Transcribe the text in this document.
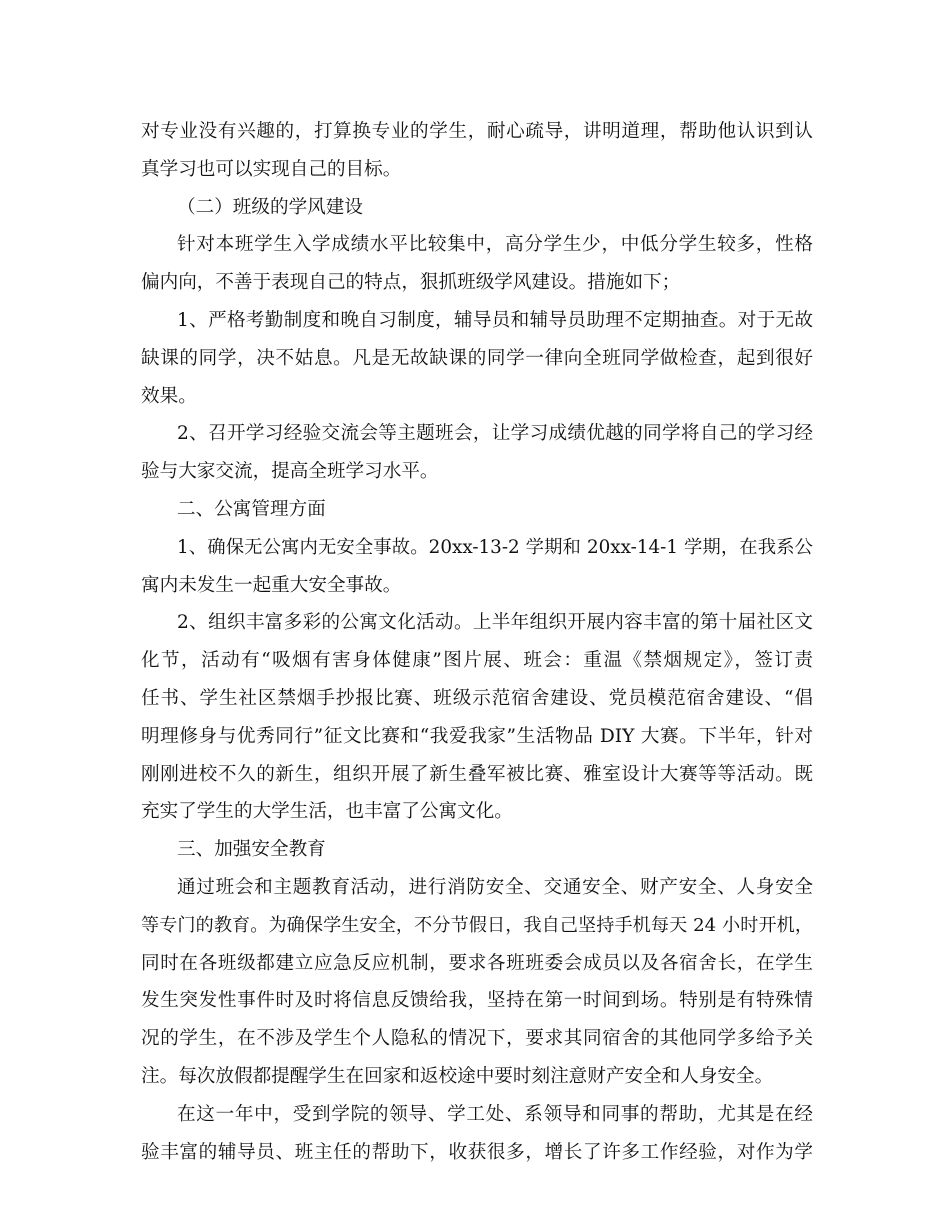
对专业没有兴趣的，打算换专业的学生，耐心疏导，讲明道理，帮助他认识到认
真学习也可以实现自己的目标。
（二）班级的学风建设
针对本班学生入学成绩水平比较集中，高分学生少，中低分学生较多，性格
偏内向，不善于表现自己的特点，狠抓班级学风建设。措施如下；
1、严格考勤制度和晚自习制度，辅导员和辅导员助理不定期抽查。对于无故
缺课的同学，决不姑息。凡是无故缺课的同学一律向全班同学做检查，起到很好
效果。
2、召开学习经验交流会等主题班会，让学习成绩优越的同学将自己的学习经
验与大家交流，提高全班学习水平。
二、公寓管理方面
1、确保无公寓内无安全事故。20xx-13-2 学期和 20xx-14-1 学期，在我系公
寓内未发生一起重大安全事故。
2、组织丰富多彩的公寓文化活动。上半年组织开展内容丰富的第十届社区文
化节，活动有“吸烟有害身体健康”图片展、班会：重温《禁烟规定》，签订责
任书、学生社区禁烟手抄报比赛、班级示范宿舍建设、党员模范宿舍建设、“倡
明理修身与优秀同行”征文比赛和“我爱我家”生活物品 DIY 大赛。下半年，针对
刚刚进校不久的新生，组织开展了新生叠军被比赛、雅室设计大赛等等活动。既
充实了学生的大学生活，也丰富了公寓文化。
三、加强安全教育
通过班会和主题教育活动，进行消防安全、交通安全、财产安全、人身安全
等专门的教育。为确保学生安全，不分节假日，我自己坚持手机每天 24 小时开机，
同时在各班级都建立应急反应机制，要求各班班委会成员以及各宿舍长，在学生
发生突发性事件时及时将信息反馈给我，坚持在第一时间到场。特别是有特殊情
况的学生，在不涉及学生个人隐私的情况下，要求其同宿舍的其他同学多给予关
注。每次放假都提醒学生在回家和返校途中要时刻注意财产安全和人身安全。
在这一年中，受到学院的领导、学工处、系领导和同事的帮助，尤其是在经
验丰富的辅导员、班主任的帮助下，收获很多，增长了许多工作经验，对作为学
